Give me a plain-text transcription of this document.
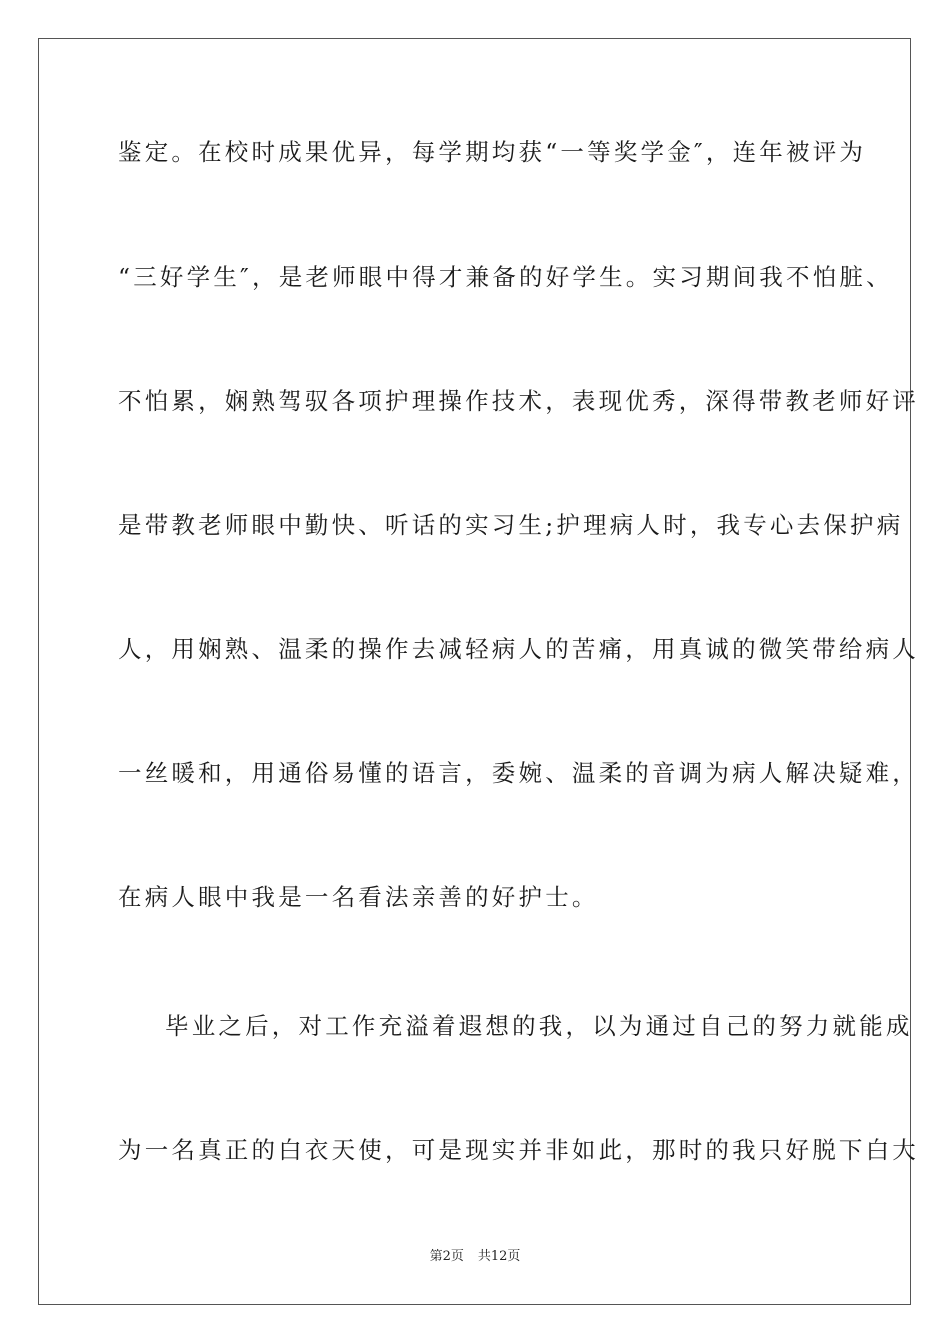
鉴定。在校时成果优异，每学期均获“一等奖学金″，连年被评为
“三好学生″，是老师眼中得才兼备的好学生。实习期间我不怕脏、
不怕累，娴熟驾驭各项护理操作技术，表现优秀，深得带教老师好评
是带教老师眼中勤快、听话的实习生;护理病人时，我专心去保护病
人，用娴熟、温柔的操作去减轻病人的苦痛，用真诚的微笑带给病人
一丝暖和，用通俗易懂的语言，委婉、温柔的音调为病人解决疑难，
在病人眼中我是一名看法亲善的好护士。
毕业之后，对工作充溢着遐想的我，以为通过自己的努力就能成
为一名真正的白衣天使，可是现实并非如此，那时的我只好脱下白大
第2页 共12页
